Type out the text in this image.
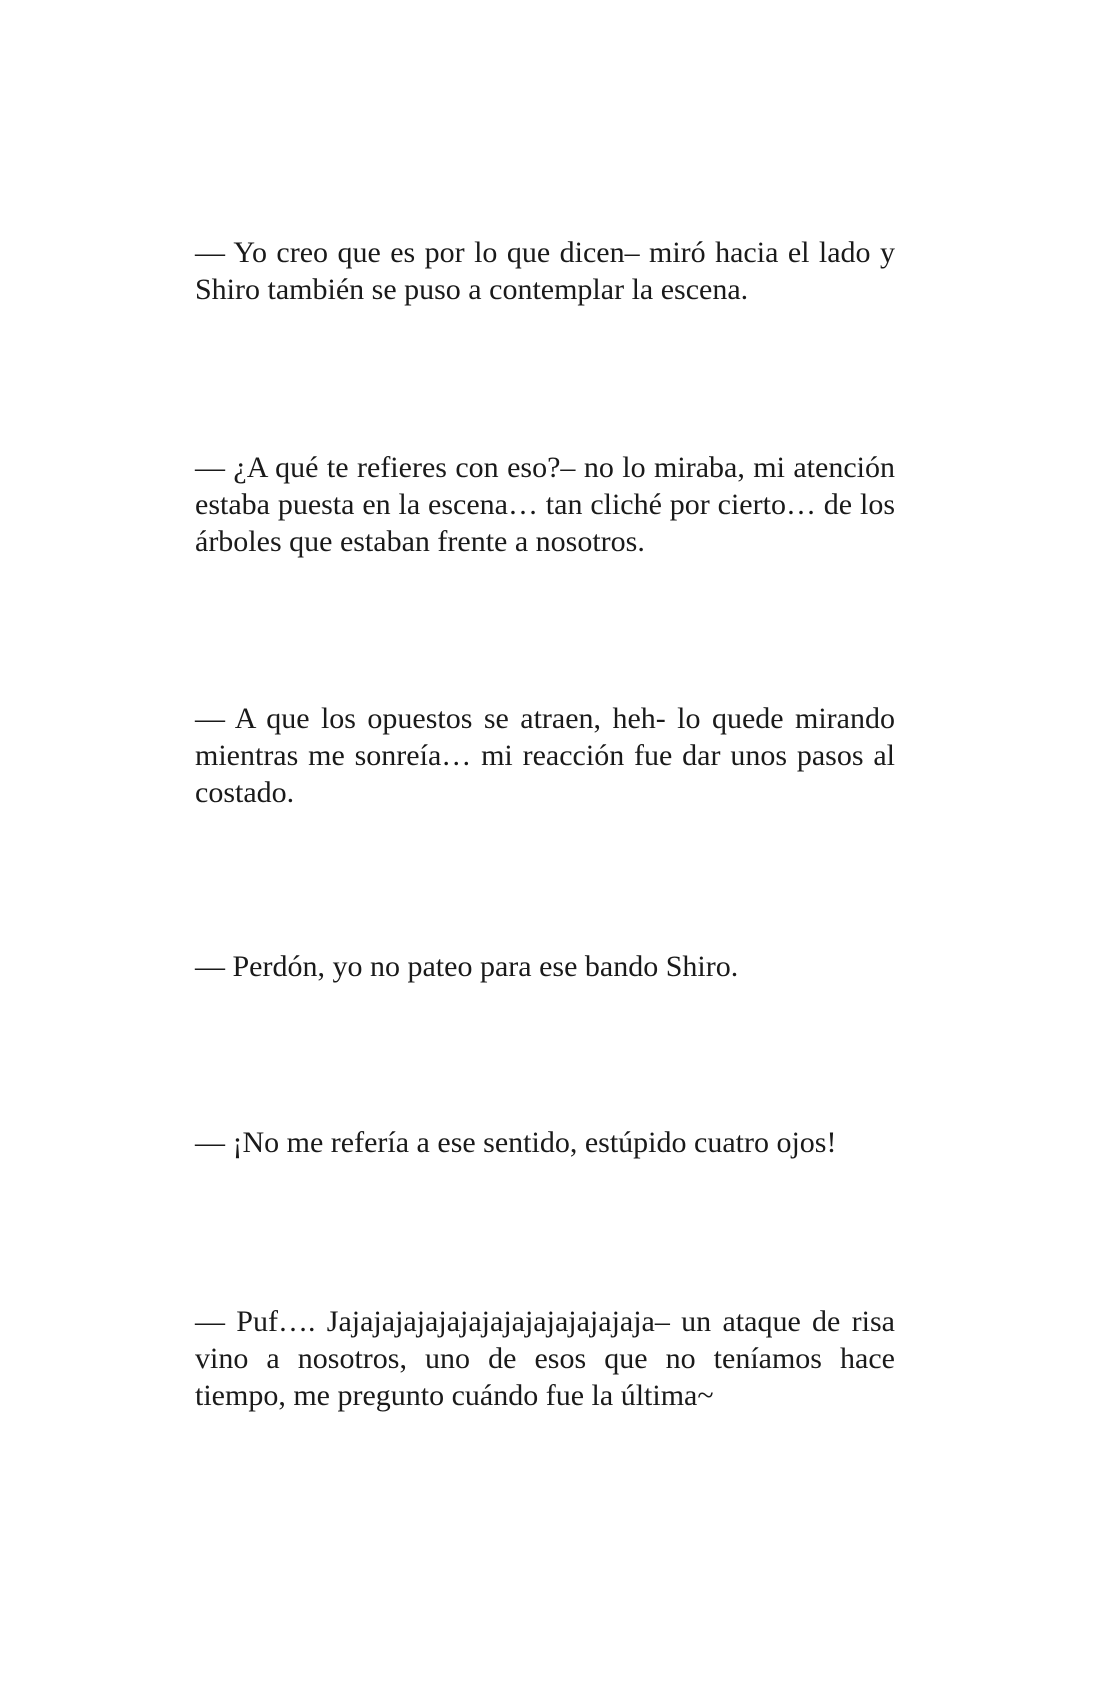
— Yo creo que es por lo que dicen– miró hacia el lado y Shiro también se puso a contemplar la escena.

— ¿A qué te refieres con eso?– no lo miraba, mi atención estaba puesta en la escena… tan cliché por cierto… de los árboles que estaban frente a nosotros.

— A que los opuestos se atraen, heh- lo quede mirando mientras me sonreía… mi reacción fue dar unos pasos al costado.

— Perdón, yo no pateo para ese bando Shiro.

— ¡No me refería a ese sentido, estúpido cuatro ojos!

— Puf…. Jajajajajajajajajajajajajajaja– un ataque de risa vino a nosotros, uno de esos que no teníamos hace tiempo, me pregunto cuándo fue la última~
